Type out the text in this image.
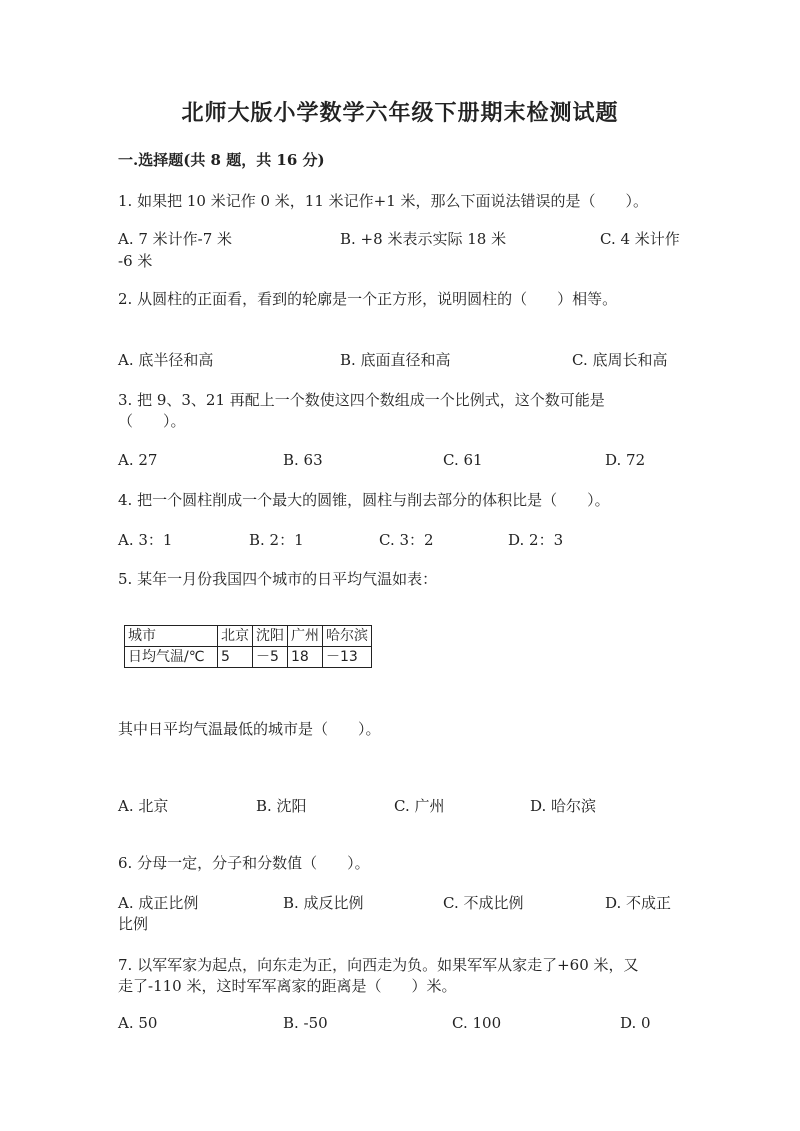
北师大版小学数学六年级下册期末检测试题
一.选择题(共 8 题，共 16 分)
1. 如果把 10 米记作 0 米，11 米记作+1 米，那么下面说法错误的是（　　）。
A. 7 米计作-7 米	B. +8 米表示实际 18 米	C. 4 米计作
-6 米
2. 从圆柱的正面看，看到的轮廓是一个正方形，说明圆柱的（　　）相等。
A. 底半径和高	B. 底面直径和高	C. 底周长和高
3. 把 9、3、21 再配上一个数使这四个数组成一个比例式，这个数可能是
（　　）。
A. 27	B. 63	C. 61	D. 72
4. 把一个圆柱削成一个最大的圆锥，圆柱与削去部分的体积比是（　　）。
A. 3：1	B. 2：1	C. 3：2	D. 2：3
5. 某年一月份我国四个城市的日平均气温如表：
城市	北京	沈阳	广州	哈尔滨
日均气温/℃	5	－5	18	－13
其中日平均气温最低的城市是（　　）。
A. 北京	B. 沈阳	C. 广州	D. 哈尔滨
6. 分母一定，分子和分数值（　　）。
A. 成正比例	B. 成反比例	C. 不成比例	D. 不成正
比例
7. 以军军家为起点，向东走为正，向西走为负。如果军军从家走了+60 米，又
走了-110 米，这时军军离家的距离是（　　）米。
A. 50	B. -50	C. 100	D. 0
